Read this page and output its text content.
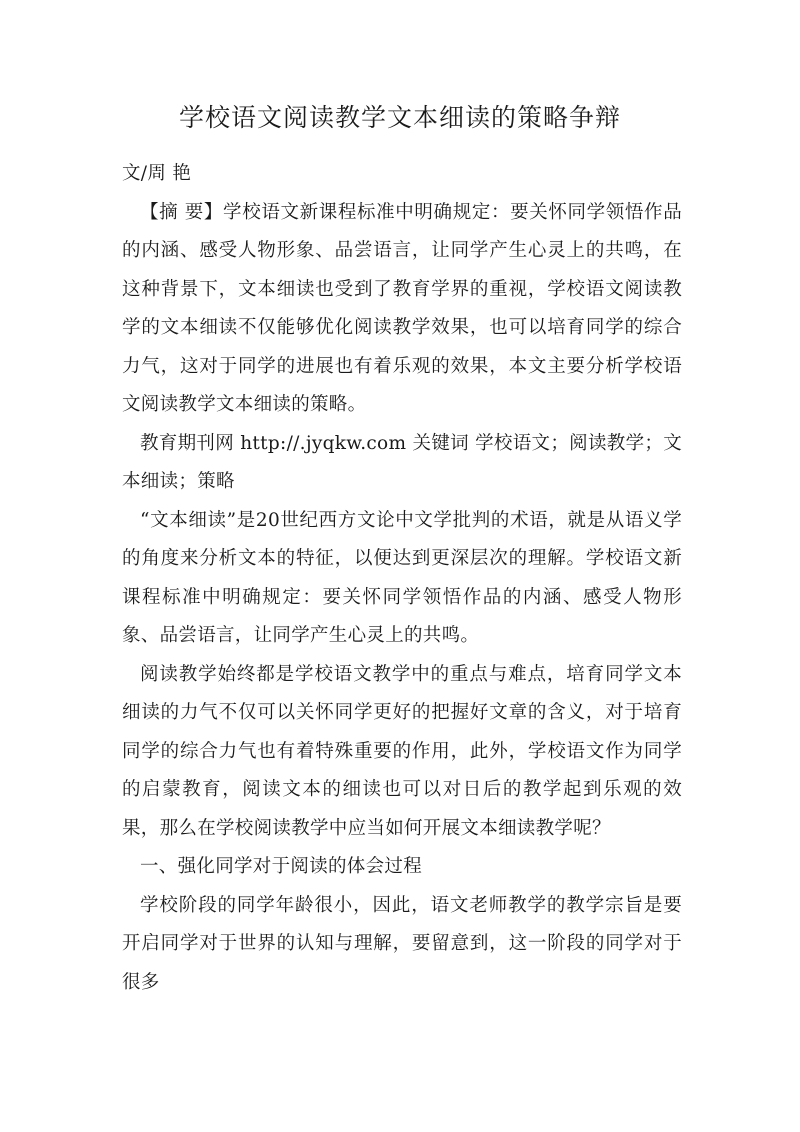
学校语文阅读教学文本细读的策略争辩

文/周 艳

【摘 要】学校语文新课程标准中明确规定：要关怀同学领悟作品的内涵、感受人物形象、品尝语言，让同学产生心灵上的共鸣，在这种背景下，文本细读也受到了教育学界的重视，学校语文阅读教学的文本细读不仅能够优化阅读教学效果，也可以培育同学的综合力气，这对于同学的进展也有着乐观的效果，本文主要分析学校语文阅读教学文本细读的策略。

教育期刊网 http://.jyqkw.com 关键词 学校语文；阅读教学；文本细读；策略

“文本细读”是20世纪西方文论中文学批判的术语，就是从语义学的角度来分析文本的特征，以便达到更深层次的理解。学校语文新课程标准中明确规定：要关怀同学领悟作品的内涵、感受人物形象、品尝语言，让同学产生心灵上的共鸣。

阅读教学始终都是学校语文教学中的重点与难点，培育同学文本细读的力气不仅可以关怀同学更好的把握好文章的含义，对于培育同学的综合力气也有着特殊重要的作用，此外，学校语文作为同学的启蒙教育，阅读文本的细读也可以对日后的教学起到乐观的效果，那么在学校阅读教学中应当如何开展文本细读教学呢？

一、强化同学对于阅读的体会过程

学校阶段的同学年龄很小，因此，语文老师教学的教学宗旨是要开启同学对于世界的认知与理解，要留意到，这一阶段的同学对于很多
